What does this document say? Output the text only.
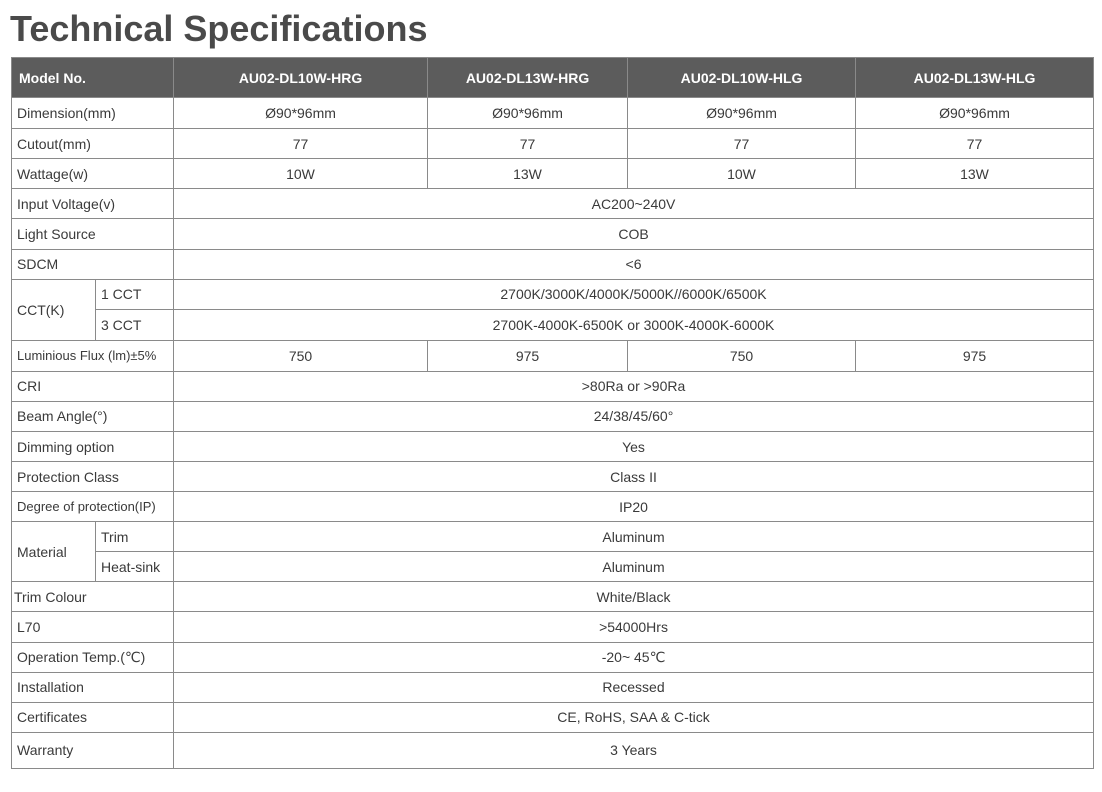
Technical Specifications
Model No.		AU02-DL10W-HRG	AU02-DL13W-HRG	AU02-DL10W-HLG	AU02-DL13W-HLG
Dimension(mm)		Ø90*96mm	Ø90*96mm	Ø90*96mm	Ø90*96mm
Cutout(mm)		77	77	77	77
Wattage(w)		10W	13W	10W	13W
Input Voltage(v)		AC200~240V			
Light Source		COB			
SDCM		<6			
CCT(K)	1 CCT	2700K/3000K/4000K/5000K//6000K/6500K			
	3 CCT	2700K-4000K-6500K or 3000K-4000K-6000K			
Luminious Flux (lm)±5%		750	975	750	975
CRI		>80Ra or >90Ra			
Beam Angle(°)		24/38/45/60°			
Dimming option		Yes			
Protection Class		Class II			
Degree of protection(IP)		IP20			
Material	Trim	Aluminum			
	Heat-sink	Aluminum			
Trim Colour		White/Black			
L70		>54000Hrs			
Operation Temp.(℃)		-20~ 45℃			
Installation		Recessed			
Certificates		CE, RoHS, SAA & C-tick			
Warranty		3 Years			
